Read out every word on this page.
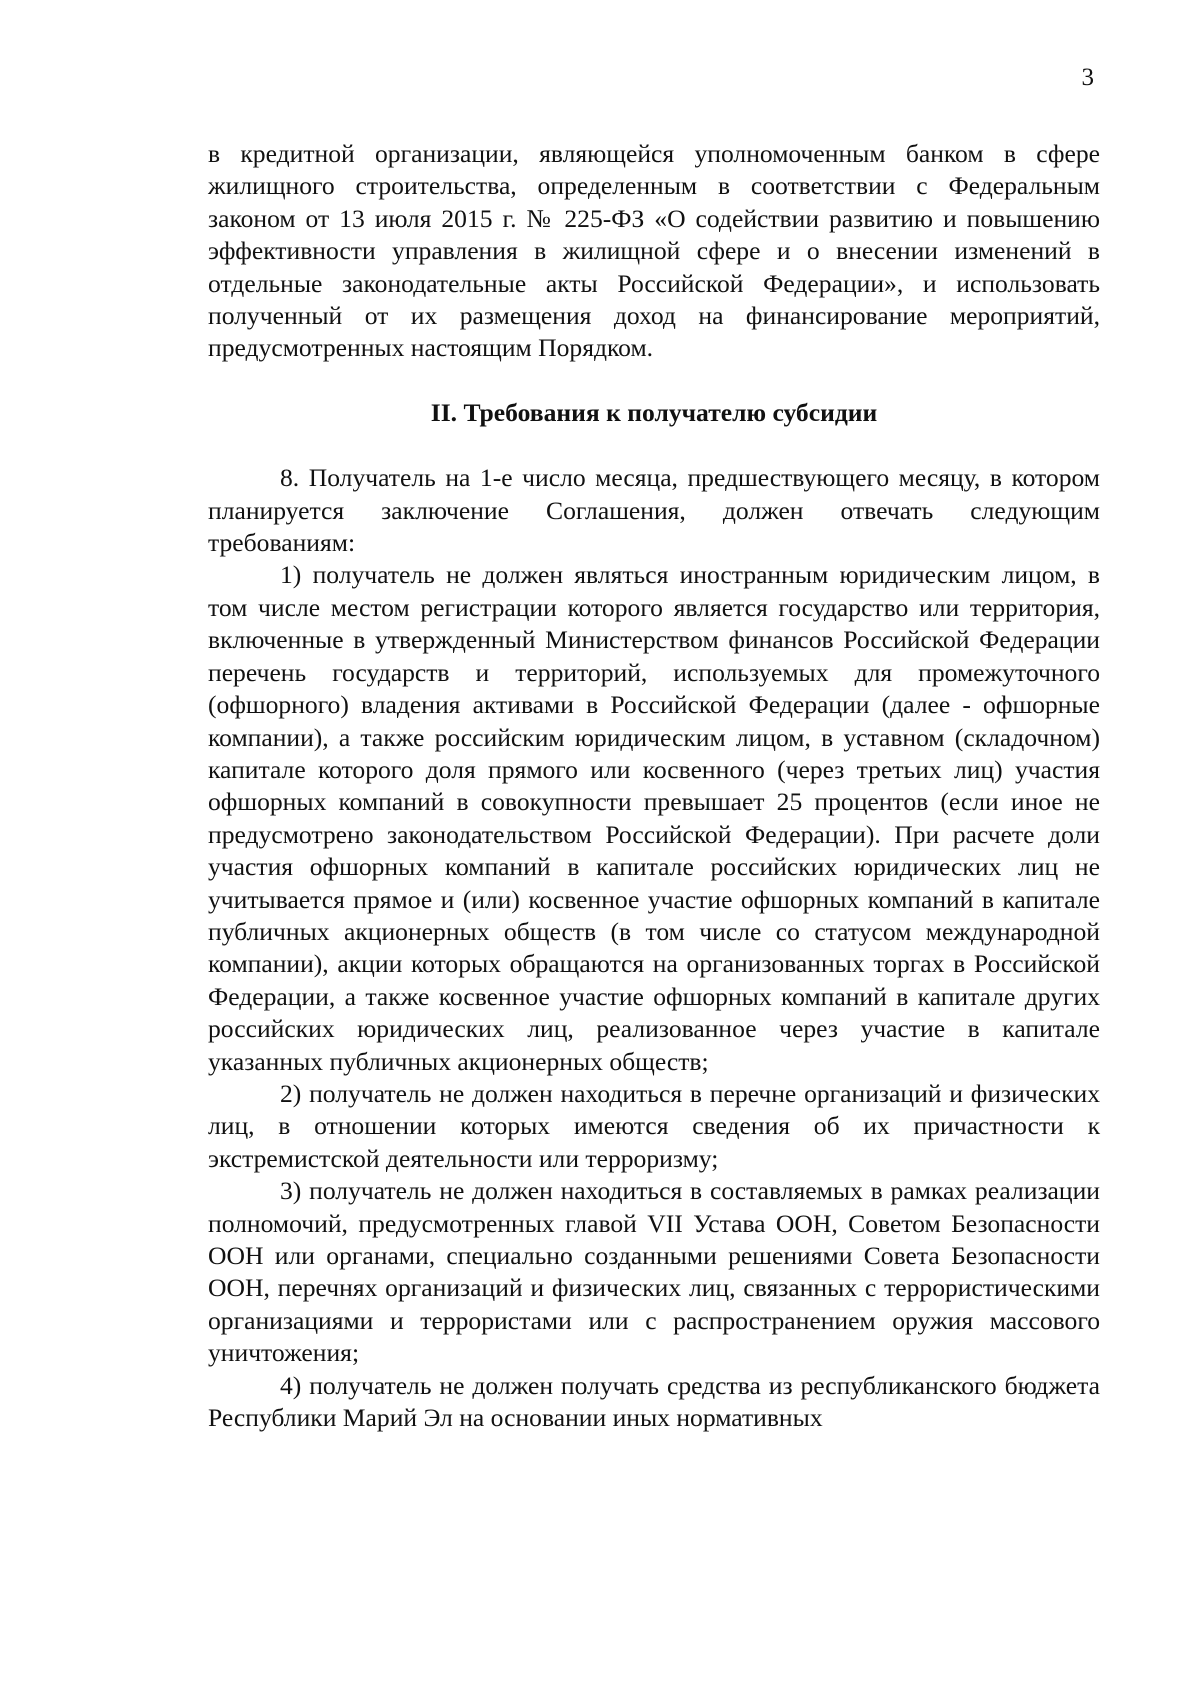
3

в кредитной организации, являющейся уполномоченным банком в сфере жилищного строительства, определенным в соответствии с Федеральным законом от 13 июля 2015 г. № 225-ФЗ «О содействии развитию и повышению эффективности управления в жилищной сфере и о внесении изменений в отдельные законодательные акты Российской Федерации», и использовать полученный от их размещения доход на финансирование мероприятий, предусмотренных настоящим Порядком.

II. Требования к получателю субсидии

8. Получатель на 1-е число месяца, предшествующего месяцу, в котором планируется заключение Соглашения, должен отвечать следующим требованиям:

1) получатель не должен являться иностранным юридическим лицом, в том числе местом регистрации которого является государство или территория, включенные в утвержденный Министерством финансов Российской Федерации перечень государств и территорий, используемых для промежуточного (офшорного) владения активами в Российской Федерации (далее - офшорные компании), а также российским юридическим лицом, в уставном (складочном) капитале которого доля прямого или косвенного (через третьих лиц) участия офшорных компаний в совокупности превышает 25 процентов (если иное не предусмотрено законодательством Российской Федерации). При расчете доли участия офшорных компаний в капитале российских юридических лиц не учитывается прямое и (или) косвенное участие офшорных компаний в капитале публичных акционерных обществ (в том числе со статусом международной компании), акции которых обращаются на организованных торгах в Российской Федерации, а также косвенное участие офшорных компаний в капитале других российских юридических лиц, реализованное через участие в капитале указанных публичных акционерных обществ;

2) получатель не должен находиться в перечне организаций и физических лиц, в отношении которых имеются сведения об их причастности к экстремистской деятельности или терроризму;

3) получатель не должен находиться в составляемых в рамках реализации полномочий, предусмотренных главой VII Устава ООН, Советом Безопасности ООН или органами, специально созданными решениями Совета Безопасности ООН, перечнях организаций и физических лиц, связанных с террористическими организациями и террористами или с распространением оружия массового уничтожения;

4) получатель не должен получать средства из республиканского бюджета Республики Марий Эл на основании иных нормативных
